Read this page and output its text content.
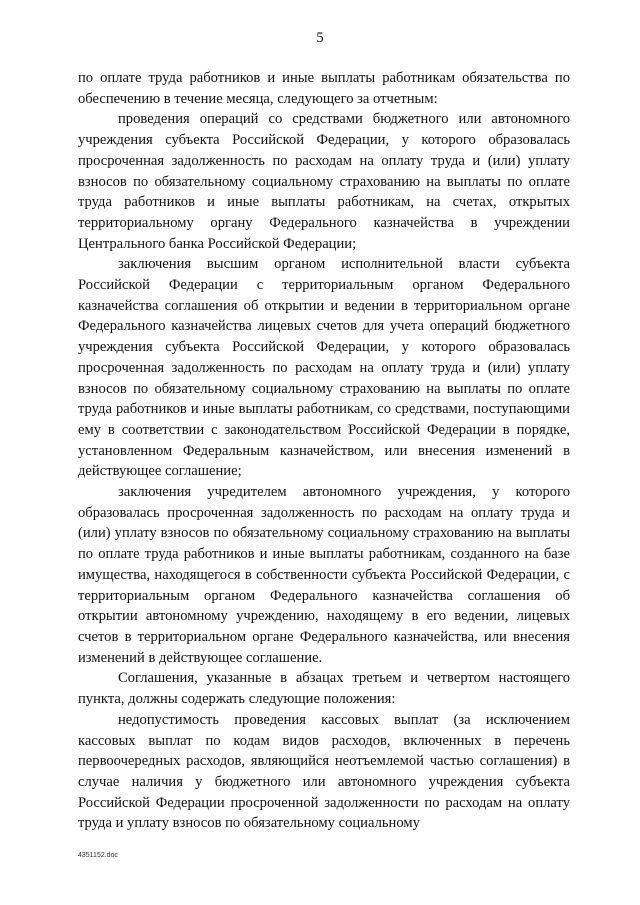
5

по оплате труда работников и иные выплаты работникам обязательства по обеспечению в течение месяца, следующего за отчетным:

проведения операций со средствами бюджетного или автономного учреждения субъекта Российской Федерации, у которого образовалась просроченная задолженность по расходам на оплату труда и (или) уплату взносов по обязательному социальному страхованию на выплаты по оплате труда работников и иные выплаты работникам, на счетах, открытых территориальному органу Федерального казначейства в учреждении Центрального банка Российской Федерации;

заключения высшим органом исполнительной власти субъекта Российской Федерации с территориальным органом Федерального казначейства соглашения об открытии и ведении в территориальном органе Федерального казначейства лицевых счетов для учета операций бюджетного учреждения субъекта Российской Федерации, у которого образовалась просроченная задолженность по расходам на оплату труда и (или) уплату взносов по обязательному социальному страхованию на выплаты по оплате труда работников и иные выплаты работникам, со средствами, поступающими ему в соответствии с законодательством Российской Федерации в порядке, установленном Федеральным казначейством, или внесения изменений в действующее соглашение;

заключения учредителем автономного учреждения, у которого образовалась просроченная задолженность по расходам на оплату труда и (или) уплату взносов по обязательному социальному страхованию на выплаты по оплате труда работников и иные выплаты работникам, созданного на базе имущества, находящегося в собственности субъекта Российской Федерации, с территориальным органом Федерального казначейства соглашения об открытии автономному учреждению, находящему в его ведении, лицевых счетов в территориальном органе Федерального казначейства, или внесения изменений в действующее соглашение.

Соглашения, указанные в абзацах третьем и четвертом настоящего пункта, должны содержать следующие положения:

недопустимость проведения кассовых выплат (за исключением кассовых выплат по кодам видов расходов, включенных в перечень первоочередных расходов, являющийся неотъемлемой частью соглашения) в случае наличия у бюджетного или автономного учреждения субъекта Российской Федерации просроченной задолженности по расходам на оплату труда и уплату взносов по обязательному социальному

4351152.doc
